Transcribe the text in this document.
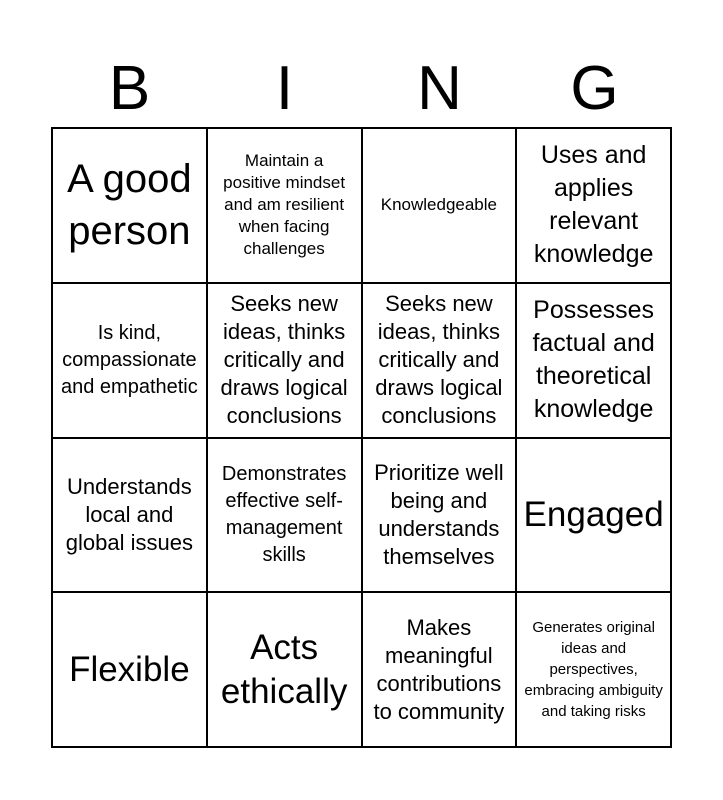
B	I	N	G
A good person
Maintain a positive mindset and am resilient when facing challenges
Knowledgeable
Uses and applies relevant knowledge
Is kind, compassionate and empathetic
Seeks new ideas, thinks critically and draws logical conclusions
Seeks new ideas, thinks critically and draws logical conclusions
Possesses factual and theoretical knowledge
Understands local and global issues
Demonstrates effective self-management skills
Prioritize well being and understands themselves
Engaged
Flexible
Acts ethically
Makes meaningful contributions to community
Generates original ideas and perspectives, embracing ambiguity and taking risks
